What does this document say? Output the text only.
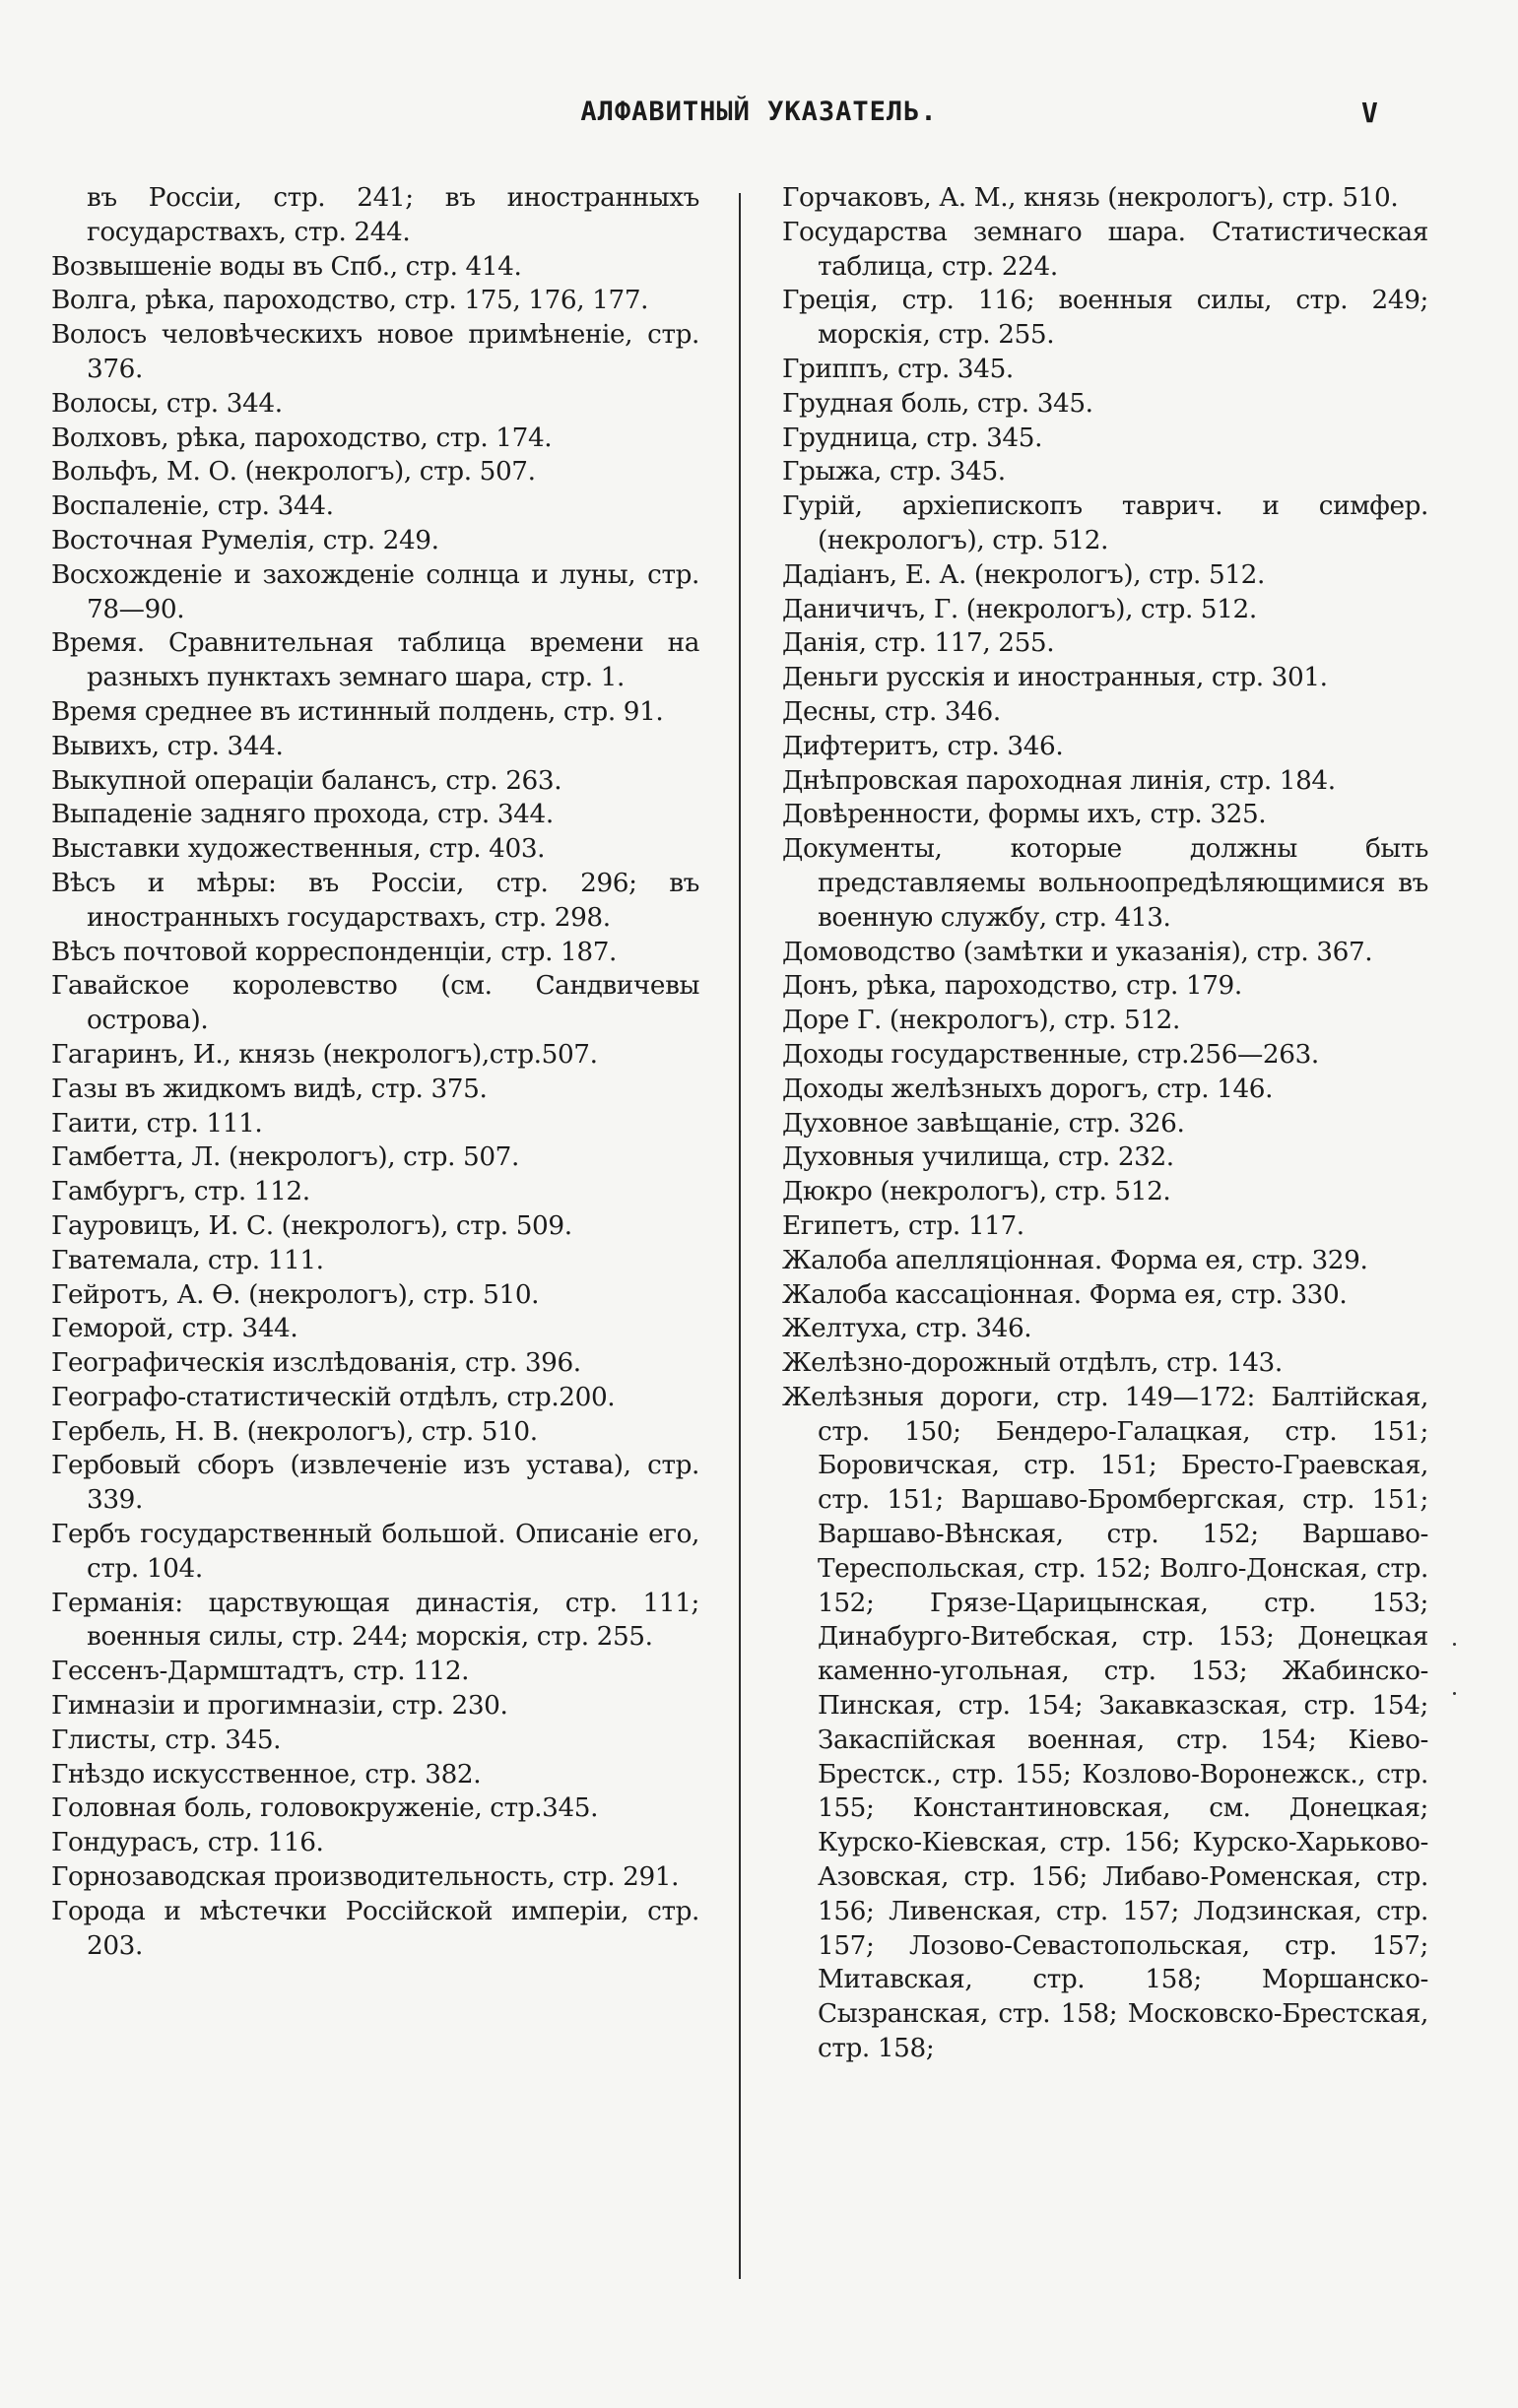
АЛФАВИТНЫЙ УКАЗАТЕЛЬ.	V
въ Россіи, стр. 241; въ иностранныхъ государствахъ, стр. 244.
Возвышеніе воды въ Спб., стр. 414.
Волга, рѣка, пароходство, стр. 175, 176, 177.
Волосъ человѣческихъ новое примѣненіе, стр. 376.
Волосы, стр. 344.
Волховъ, рѣка, пароходство, стр. 174.
Вольфъ, М. О. (некрологъ), стр. 507.
Воспаленіе, стр. 344.
Восточная Румелія, стр. 249.
Восхожденіе и захожденіе солнца и луны, стр. 78—90.
Время. Сравнительная таблица времени на разныхъ пунктахъ земнаго шара, стр. 1.
Время среднее въ истинный полдень, стр. 91.
Вывихъ, стр. 344.
Выкупной операціи балансъ, стр. 263.
Выпаденіе задняго прохода, стр. 344.
Выставки художественныя, стр. 403.
Вѣсъ и мѣры: въ Россіи, стр. 296; въ иностранныхъ государствахъ, стр. 298.
Вѣсъ почтовой корреспонденціи, стр. 187.
Гавайское королевство (см. Сандвичевы острова).
Гагаринъ, И., князь (некрологъ),стр.507.
Газы въ жидкомъ видѣ, стр. 375.
Гаити, стр. 111.
Гамбетта, Л. (некрологъ), стр. 507.
Гамбургъ, стр. 112.
Гауровицъ, И. С. (некрологъ), стр. 509.
Гватемала, стр. 111.
Гейротъ, А. Ѳ. (некрологъ), стр. 510.
Геморой, стр. 344.
Географическія изслѣдованія, стр. 396.
Географо-статистическій отдѣлъ, стр.200.
Гербель, Н. В. (некрологъ), стр. 510.
Гербовый сборъ (извлеченіе изъ устава), стр. 339.
Гербъ государственный большой. Описаніе его, стр. 104.
Германія: царствующая династія, стр. 111; военныя силы, стр. 244; морскія, стр. 255.
Гессенъ-Дармштадтъ, стр. 112.
Гимназіи и прогимназіи, стр. 230.
Глисты, стр. 345.
Гнѣздо искусственное, стр. 382.
Головная боль, головокруженіе, стр.345.
Гондурасъ, стр. 116.
Горнозаводская производительность, стр. 291.
Города и мѣстечки Россійской имперіи, стр. 203.
Горчаковъ, А. М., князь (некрологъ), стр. 510.
Государства земнаго шара. Статистическая таблица, стр. 224.
Греція, стр. 116; военныя силы, стр. 249; морскія, стр. 255.
Гриппъ, стр. 345.
Грудная боль, стр. 345.
Грудница, стр. 345.
Грыжа, стр. 345.
Гурій, архіепископъ таврич. и симфер. (некрологъ), стр. 512.
Дадіанъ, Е. А. (некрологъ), стр. 512.
Даничичъ, Г. (некрологъ), стр. 512.
Данія, стр. 117, 255.
Деньги русскія и иностранныя, стр. 301.
Десны, стр. 346.
Дифтеритъ, стр. 346.
Днѣпровская пароходная линія, стр. 184.
Довѣренности, формы ихъ, стр. 325.
Документы, которые должны быть представляемы вольноопредѣляющимися въ военную службу, стр. 413.
Домоводство (замѣтки и указанія), стр. 367.
Донъ, рѣка, пароходство, стр. 179.
Доре Г. (некрологъ), стр. 512.
Доходы государственные, стр.256—263.
Доходы желѣзныхъ дорогъ, стр. 146.
Духовное завѣщаніе, стр. 326.
Духовныя училища, стр. 232.
Дюкро (некрологъ), стр. 512.
Египетъ, стр. 117.
Жалоба апелляціонная. Форма ея, стр. 329.
Жалоба кассаціонная. Форма ея, стр. 330.
Желтуха, стр. 346.
Желѣзно-дорожный отдѣлъ, стр. 143.
Желѣзныя дороги, стр. 149—172: Балтійская, стр. 150; Бендеро-Галацкая, стр. 151; Боровичская, стр. 151; Бресто-Граевская, стр. 151; Варшаво-Бромбергская, стр. 151; Варшаво-Вѣнская, стр. 152; Варшаво-Тереспольская, стр. 152; Волго-Донская, стр. 152; Грязе-Царицынская, стр. 153; Динабурго-Витебская, стр. 153; Донецкая каменно-угольная, стр. 153; Жабинско-Пинская, стр. 154; Закавказская, стр. 154; Закаспійская военная, стр. 154; Кіево-Брестск., стр. 155; Козлово-Воронежск., стр. 155; Константиновская, см. Донецкая; Курско-Кіевская, стр. 156; Курско-Харьково-Азовская, стр. 156; Либаво-Роменская, стр. 156; Ливенская, стр. 157; Лодзинская, стр. 157; Лозово-Севастопольская, стр. 157; Митавская, стр. 158; Моршанско-Сызранская, стр. 158; Московско-Брестская, стр. 158;
